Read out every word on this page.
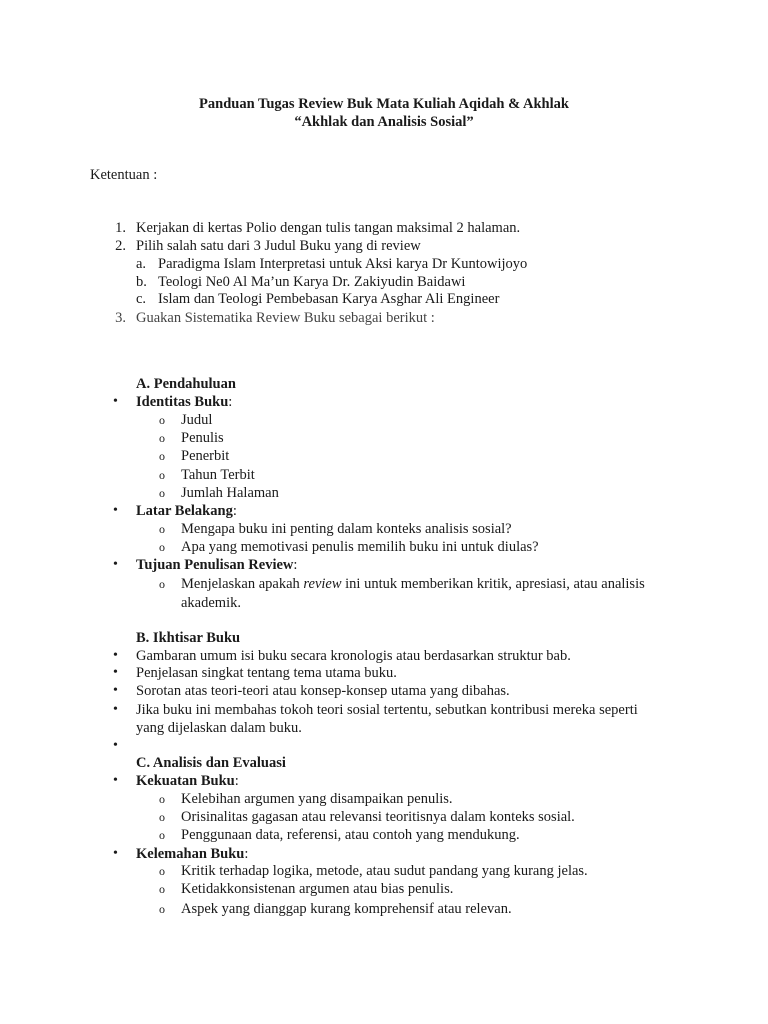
Panduan Tugas Review Buk Mata Kuliah Aqidah & Akhlak
“Akhlak dan Analisis Sosial”
Ketentuan :
1. Kerjakan di kertas Polio dengan tulis tangan maksimal 2 halaman.
2. Pilih salah satu dari 3 Judul Buku yang di review
a. Paradigma Islam Interpretasi untuk Aksi karya Dr Kuntowijoyo
b. Teologi Ne0 Al Ma’un Karya Dr. Zakiyudin Baidawi
c. Islam dan Teologi Pembebasan Karya Asghar Ali Engineer
3. Guakan Sistematika Review Buku sebagai berikut :
A. Pendahuluan
• Identitas Buku:
o Judul
o Penulis
o Penerbit
o Tahun Terbit
o Jumlah Halaman
• Latar Belakang:
o Mengapa buku ini penting dalam konteks analisis sosial?
o Apa yang memotivasi penulis memilih buku ini untuk diulas?
• Tujuan Penulisan Review:
o Menjelaskan apakah review ini untuk memberikan kritik, apresiasi, atau analisis
akademik.
B. Ikhtisar Buku
• Gambaran umum isi buku secara kronologis atau berdasarkan struktur bab.
• Penjelasan singkat tentang tema utama buku.
• Sorotan atas teori-teori atau konsep-konsep utama yang dibahas.
• Jika buku ini membahas tokoh teori sosial tertentu, sebutkan kontribusi mereka seperti
yang dijelaskan dalam buku.
•
C. Analisis dan Evaluasi
• Kekuatan Buku:
o Kelebihan argumen yang disampaikan penulis.
o Orisinalitas gagasan atau relevansi teoritisnya dalam konteks sosial.
o Penggunaan data, referensi, atau contoh yang mendukung.
• Kelemahan Buku:
o Kritik terhadap logika, metode, atau sudut pandang yang kurang jelas.
o Ketidakkonsistenan argumen atau bias penulis.
o Aspek yang dianggap kurang komprehensif atau relevan.
